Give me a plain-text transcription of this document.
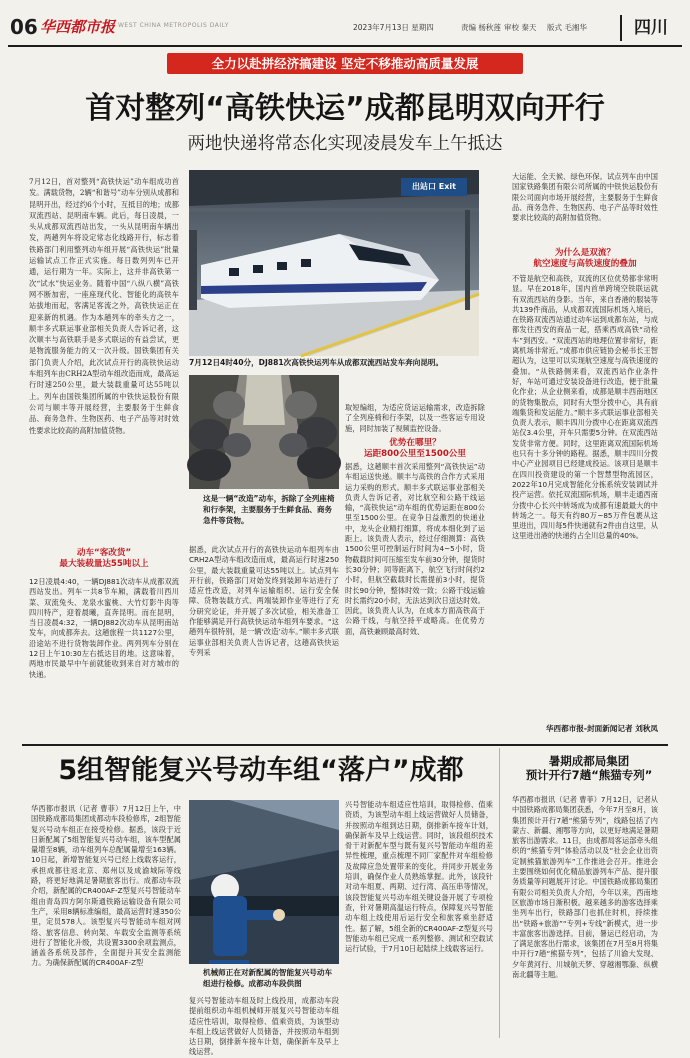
06 华西都市报 WEST CHINA METROPOLIS DAILY	2023年7月13日 星期四	责编 杨秋莲 审校 秦天 版式 毛湘华	四川
全力以赴拼经济搞建设 坚定不移推动高质量发展
首对整列“高铁快运”成都昆明双向开行
两地快递将常态化实现凌晨发车上午抵达
7月12日，首对整列“高铁快运”动车组成功首发。满载货物，2辆“和谐号”动车分别从成都和昆明开出，经过约6个小时，互抵目的地；成都双流西站、昆明南车辆。此后，每日凌晨，一头从成都双流西站出发，一头从昆明南车辆出发，两趟列车将设定常态化线路开行，标志着铁路部门利用整列动车组开展“高铁快运”批量运输试点工作正式实施。每日数列列车已开通，运行期为一年。实际上，这并非高铁第一次“试水”快运业务。随着中国“八纵八横”高铁网不断加密，一座座现代化、智能化的高铁车站拔地而起，客满足客流之外，高铁快运正在迎来新的机遇。作为本趟列车的牵头方之一，顺丰多式联运事业部相关负责人告诉记者，这次顺丰与高铁联手是多式联运的有益尝试，更是物流服务能力的又一次升级。国铁集团有关部门负责人介绍，此次试点开行的高铁快运动车组列车由CRH2A型动车组改造而成，最高运行时速250公里，最大装载重量可达55吨以上。列车由国铁集团所属的中铁快运股份有限公司与顺丰等开展经营，主要服务于生鲜食品、商务急件、生物医药、电子产品等对时效性要求比较高的高附加值货物。
出站口 Exit
7月12日4时40分，DJ881次高铁快运列车从成都双流西站发车奔向昆明。
这是一辆“改造”动车，拆除了全列座椅和行李架，主要服务于生鲜食品、商务急件等货物。
动车“客改货”
最大装载量达55吨以上
12日凌晨4:40，一辆DJ881次动车从成都双流西站发出。列车一共8节车厢，满载着川西川菜、双流兔头、龙泉水蜜桃、大竹灯影牛肉等四川特产，迎着晨曦，直奔昆明。而在昆明，当日凌晨4:32，一辆DJ882次动车从昆明南站发车，向成都奔去。这趟旅程一共1127公里，沿途站不进行货物装卸作业。两列列车分别在12日上午10:30左右抵达目的地。这意味着，两地市民最早中午前就能收到来自对方城市的快递。
据悉，此次试点开行的高铁快运动车组列车由CRH2A型动车组改造而成，最高运行时速250公里，最大装载重量可达55吨以上。试点列车开行前，铁路部门对始发终到装卸车站进行了适应性改造，对列车运输组织、运行安全保障、货物装载方式、两端装卸作业等进行了充分研究论证，并开展了多次试验，相关准备工作能够满足开行高铁快运动车组列车要求。“这趟列车很特别，是一辆‘改造’动车。”顺丰多式联运事业部相关负责人告诉记者，这趟高铁快运专列采
取短编组，为适应货运运输需求，改造拆除了全列座椅和行李架，以及一些客运专用设施，同时加装了视频监控设备。
优势在哪里？
运距800公里至1500公里
据悉，这趟顺丰首次采用整列“高铁快运”动车组运送快递。顺丰与高铁的合作方式采用运力采购的形式。顺丰多式联运事业部相关负责人告诉记者，对比航空和公路干线运输，“高铁快运”动车组的优势运距在800公里至1500公里。在竞争日益激烈的快递业中，龙头企业精打细算，将成本细化到了运距上。该负责人表示，经过仔细测算：高铁1500公里可控制运行时间为4~5小时，货物截载时间可压缩至发车前30分钟，提货时长30分钟；同等距离下，航空飞行时间约2小时，但航空截载时长需提前3小时，提货时长90分钟，整体时效一致；公路干线运输时长需约20小时，无法达到次日送达时效。因此，该负责人认为，在成本方面高铁高于公路干线，与航空持平或略高。在优势方面，高铁兼顾最高时效、
大运能、全天候、绿色环保。试点列车由中国国家铁路集团有限公司所属的中铁快运股份有限公司面向市场开展经营，主要服务于生鲜食品、商务急件、生物医药、电子产品等时效性要求比较高的高附加值货物。
为什么是双流？
航空速度与高铁速度的叠加
不管是航空和高铁，双流的区位优势都非常明显。早在2018年，国内首单跨境空铁联运就有双流西站的身影。当年，来自香港的服装等共139件商品，从成都双流国际机场入境后，在铁路双流西站通过动车运到成都东站，与成都发往西安的商品一起，搭乘西成高铁“动检车”到西安。“双流西站的地理位置非常好，距离机场非常近。”成都市供应链协会秘书长王智超认为，这里可以实现航空速度与高铁速度的叠加。“从铁路侧来看，双流西站作业条件好，车站可通过安装设备进行改造，便于批量化作业；从企业侧来看，成都是顺丰西南地区的货物集散点，同时有大型分拨中心，具有前端集货和发运能力。”顺丰多式联运事业部相关负责人表示，顺丰四川分拨中心在距离双流西站仅3.4公里，开车只需要5分钟。在双流西站发货非常方便。同时，这里距离双流国际机场也只有十多分钟的路程。据悉，顺丰四川分拨中心产业园项目已经建成投运。该项目是顺丰在四川投资建设的第一个智慧型物流园区，2022年10月完成智能化分拣系统安装调试并投产运营。依托双流国际机场，顺丰走通西南分拨中心长兴中转场成为成都有速最最大的中转场之一。每天有约80万~85万件包裹从这里进出，四川每5件快递就有2件由自这里，从这里进出港的快递约占全川总量的40%。
华西都市报-封面新闻记者 刘秋凤
5组智能复兴号动车组“落户”成都
华西都市报讯（记者 曹菲）7月12日上午，中国铁路成都局集团成都动车段检修库，2组智能复兴号动车组正在接受检修。据悉，该段于近日新配属了5组智能复兴号动车组，该车型配属量增至8辆，动车组列车总配属量增至163辆。10日起，新增智能复兴号已经上线载客运行，承担成都往返北京、郑州以及成渝城际等线路，将更好地满足暑期旅客出行。成都动车段介绍，新配属的CR400AF-Z型复兴号智能动车组由青岛四方阿尔斯通铁路运输设备有限公司生产，采用8辆标准编组，最高运营时速350公里，定员578人。该型复兴号智能动车组对网络、旅客信息、转向架、车载安全监测等系统进行了智能化升级，共设置3300余项监测点，涵盖各系统及部件，全面提升其安全监测能力。为确保新配属的CR400AF-Z型
机械师正在对新配属的智能复兴号动车组进行检修。成都动车段供图
复兴号智能动车组及时上线投用，成都动车段提前组织动车组机械师开展复兴号智能动车组适应性培训，取得检修、值乘资质，为该型动车组上线运营做好人员储备，并按照动车组到达日期，倒排新车接车计划，确保新车及早上线运营。
兴号智能动车组适应性培训，取得检修、值乘资质，为该型动车组上线运营做好人员储备，并按照动车组到达日期，倒排新车接车计划，确保新车及早上线运营。同时，该段组织技术骨干对新配车型与既有复兴号智能动车组的差异性梳理，重点梳理不同厂家配件对车组检修及故障应急处置带来的变化，并同步开展业务培训，确保作业人员熟练掌握。此外，该段针对动车组夏、两期、过行湾、高压串等情况，该段智能复兴号动车组关键设备开展了专项检查，针对暑期高温运行特点，保障复兴号智能动车组上线使用后运行安全和旅客乘坐舒适性。据了解，5组全新的CR400AF-Z型复兴号智能动车组已完成一系列整修、测试和空载试运行试验，于7月10日起陆续上线载客运行。
暑期成都局集团
预计开行7趟“熊猫专列”
华西都市报讯（记者 曹菲）7月12日，记者从中国铁路成都局集团获悉，今年7月至8月，该集团预计开行7趟“熊猫专列”，线路包括了内蒙古、新疆、湘鄂等方向，以更好地满足暑期旅客出游需求。11日，由成都局客运部牵头组织的“熊猫专列”体验活动以及“社会企业出资定制熊猫旅游列车”工作推进会召开。推进会主要围绕如何优化精品旅游列车产品、提升服务质量等问题展开讨论。中国铁路成都局集团有限公司相关负责人介绍，今年以来，西南地区旅游市场日渐积极。越来越多的游客选择乘坐列车出行，铁路部门也抓住时机，持续推出“铁路+旅游”“专列+专线”新模式，进一步丰富旅客出游选择。目前，暑运已经启动，为了满足旅客出行需求，该集团在7月至8月将集中开行7趟“熊猫专列”，包括了川渝大发现、夕年黄河行、川城航天梦、穿越湘鄂滁、纵横南北疆等主题。
